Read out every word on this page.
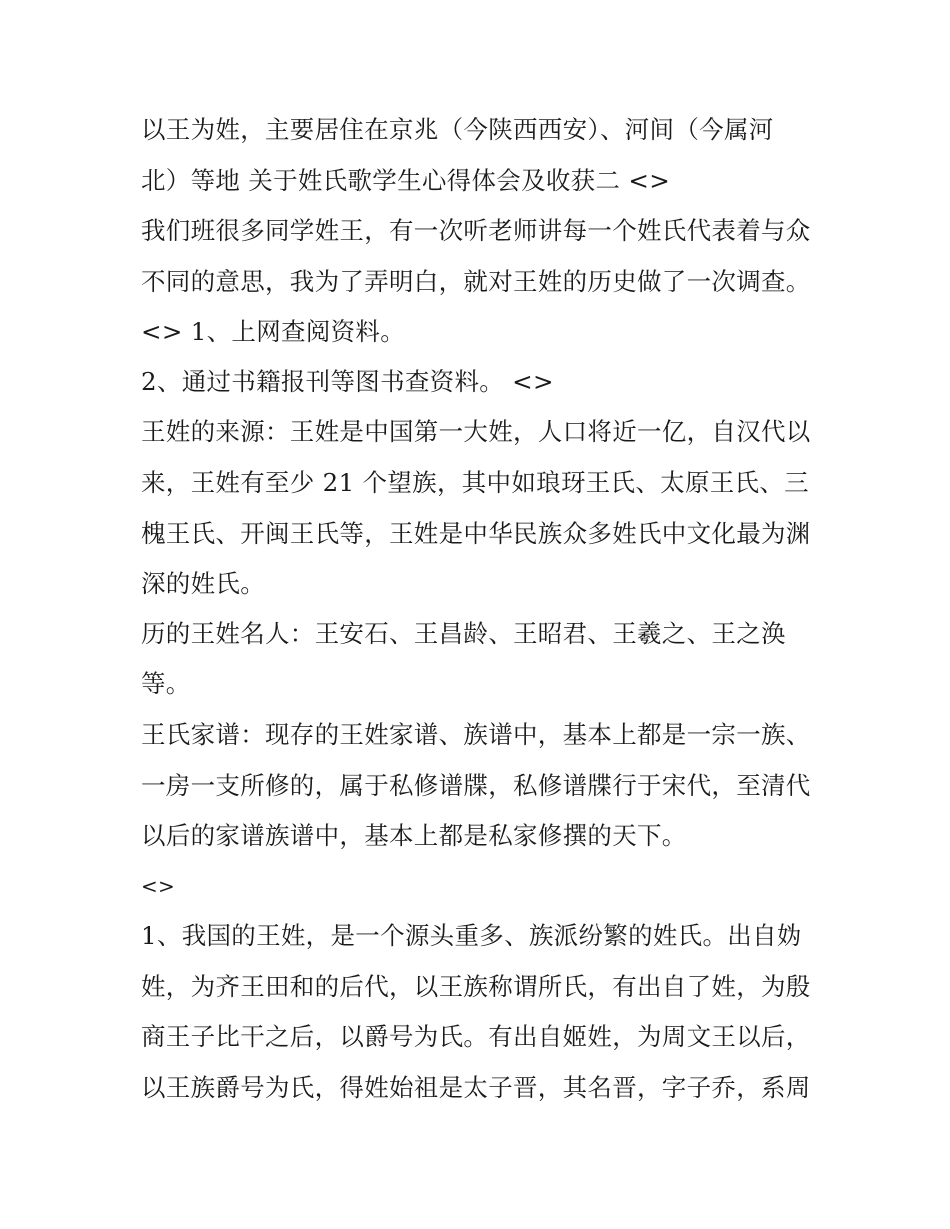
以王为姓，主要居住在京兆（今陕西西安）、河间（今属河
北）等地 关于姓氏歌学生心得体会及收获二 <>
我们班很多同学姓王，有一次听老师讲每一个姓氏代表着与众
不同的意思，我为了弄明白，就对王姓的历史做了一次调查。
<> 1、上网查阅资料。
2、通过书籍报刊等图书查资料。 <>
王姓的来源：王姓是中国第一大姓，人口将近一亿，自汉代以
来，王姓有至少 21 个望族，其中如琅玡王氏、太原王氏、三
槐王氏、开闽王氏等，王姓是中华民族众多姓氏中文化最为渊
深的姓氏。
历的王姓名人：王安石、王昌龄、王昭君、王羲之、王之涣
等。
王氏家谱：现存的王姓家谱、族谱中，基本上都是一宗一族、
一房一支所修的，属于私修谱牒，私修谱牒行于宋代，至清代
以后的家谱族谱中，基本上都是私家修撰的天下。
<>
1、我国的王姓，是一个源头重多、族派纷繁的姓氏。出自妫
姓，为齐王田和的后代，以王族称谓所氏，有出自了姓，为殷
商王子比干之后，以爵号为氏。有出自姬姓，为周文王以后，
以王族爵号为氏，得姓始祖是太子晋，其名晋，字子乔，系周
